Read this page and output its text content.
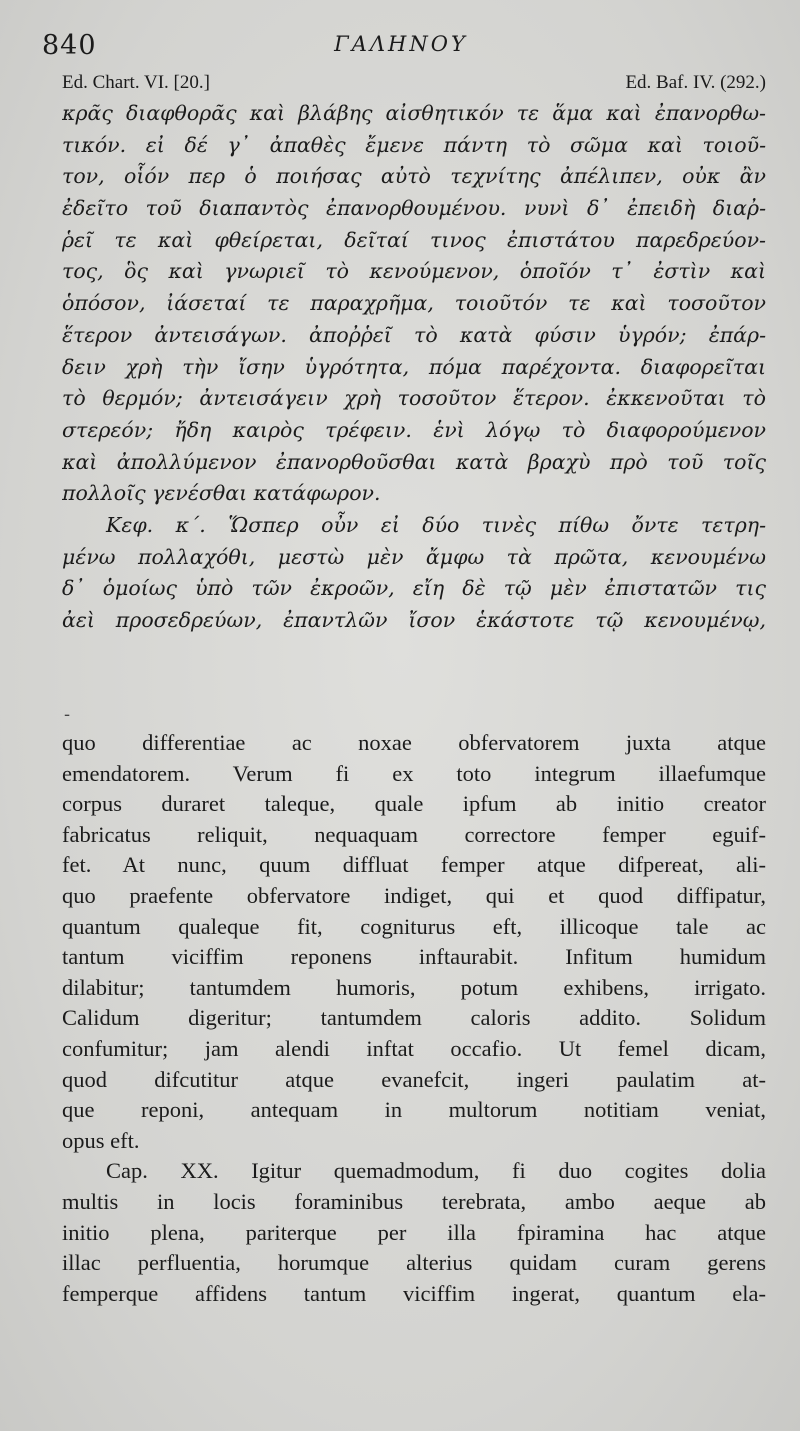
840	ΓΑΛΗΝΟΥ
Ed. Chart. VI. [20.]	Ed. Baf. IV. (292.)
κρᾶς διαφθορᾶς καὶ βλάβης αἰσθητικόν τε ἅμα καὶ ἐπανορθω-
τικόν. εἰ δέ γ᾿ ἀπαθὲς ἔμενε πάντη τὸ σῶμα καὶ τοιοῦ-
τον, οἷόν περ ὁ ποιήσας αὐτὸ τεχνίτης ἀπέλιπεν, οὐκ ἂν
ἐδεῖτο τοῦ διαπαντὸς ἐπανορθουμένου. νυνὶ δ᾿ ἐπειδὴ διαῤ-
ῥεῖ τε καὶ φθείρεται, δεῖταί τινος ἐπιστάτου παρεδρεύον-
τος, ὃς καὶ γνωριεῖ τὸ κενούμενον, ὁποῖόν τ᾿ ἐστὶν καὶ
ὁπόσον, ἰάσεταί τε παραχρῆμα, τοιοῦτόν τε καὶ τοσοῦτον
ἕτερον ἀντεισάγων. ἀποῤῥεῖ τὸ κατὰ φύσιν ὑγρόν; ἐπάρ-
δειν χρὴ τὴν ἴσην ὑγρότητα, πόμα παρέχοντα. διαφορεῖται
τὸ θερμόν; ἀντεισάγειν χρὴ τοσοῦτον ἕτερον. ἐκκενοῦται τὸ
στερεόν; ἤδη καιρὸς τρέφειν. ἑνὶ λόγῳ τὸ διαφορούμενον
καὶ ἀπολλύμενον ἐπανορθοῦσθαι κατὰ βραχὺ πρὸ τοῦ τοῖς
πολλοῖς γενέσθαι κατάφωρον.
Κεφ. κ΄. Ὥσπερ οὖν εἰ δύο τινὲς πίθω ὄντε τετρη-
μένω πολλαχόθι, μεστὼ μὲν ἄμφω τὰ πρῶτα, κενουμένω
δ᾿ ὁμοίως ὑπὸ τῶν ἐκροῶν, εἴη δὲ τῷ μὲν ἐπιστατῶν τις
ἀεὶ προσεδρεύων, ἐπαντλῶν ἴσον ἑκάστοτε τῷ κενουμένῳ,
-
quo differentiae ac noxae obfervatorem juxta atque
emendatorem. Verum fi ex toto integrum illaefumque
corpus duraret taleque, quale ipfum ab initio creator
fabricatus reliquit, nequaquam correctore femper eguif-
fet. At nunc, quum diffluat femper atque difpereat, ali-
quo praefente obfervatore indiget, qui et quod diffipatur,
quantum qualeque fit, cogniturus eft, illicoque tale ac
tantum viciffim reponens inftaurabit. Infitum humidum
dilabitur; tantumdem humoris, potum exhibens, irrigato.
Calidum digeritur; tantumdem caloris addito. Solidum
confumitur; jam alendi inftat occafio. Ut femel dicam,
quod difcutitur atque evanefcit, ingeri paulatim at-
que reponi, antequam in multorum notitiam veniat,
opus eft.
Cap. XX. Igitur quemadmodum, fi duo cogites dolia
multis in locis foraminibus terebrata, ambo aeque ab
initio plena, pariterque per illa fpiramina hac atque
illac perfluentia, horumque alterius quidam curam gerens
femperque affidens tantum viciffim ingerat, quantum ela-
